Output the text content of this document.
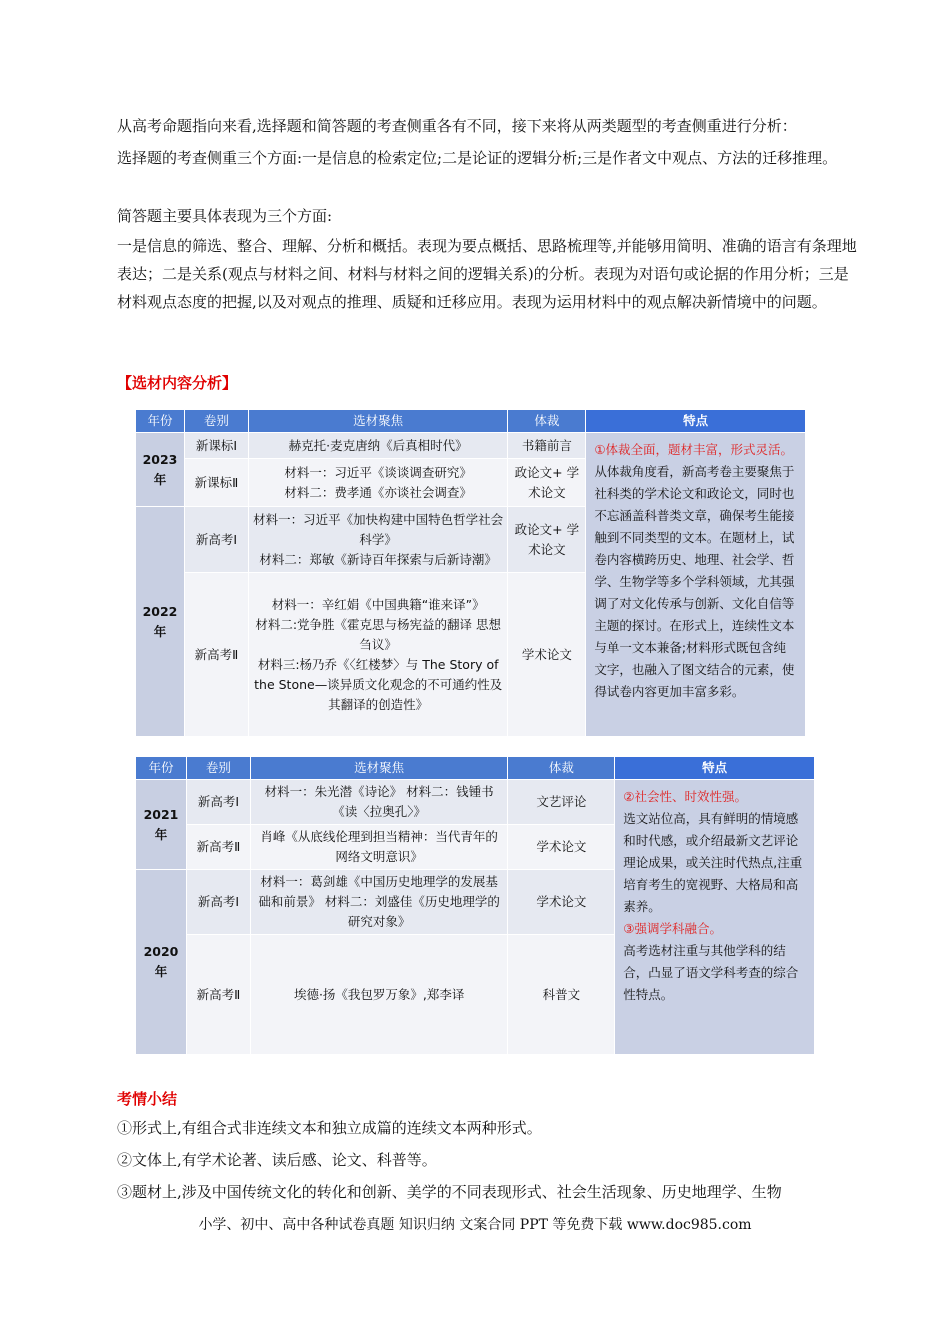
从高考命题指向来看,选择题和简答题的考查侧重各有不同，接下来将从两类题型的考查侧重进行分析：

选择题的考查侧重三个方面:一是信息的检索定位;二是论证的逻辑分析;三是作者文中观点、方法的迁移推理。

简答题主要具体表现为三个方面:

一是信息的筛选、整合、理解、分析和概括。表现为要点概括、思路梳理等,并能够用简明、准确的语言有条理地表达；二是关系(观点与材料之间、材料与材料之间的逻辑关系)的分析。表现为对语句或论据的作用分析；三是材料观点态度的把握,以及对观点的推理、质疑和迁移应用。表现为运用材料中的观点解决新情境中的问题。

【选材内容分析】
年份	卷别	选材聚焦	体裁	特点
2023年	新课标Ⅰ	赫克托·麦克唐纳《后真相时代》	书籍前言	①体裁全面，题材丰富，形式灵活。从体裁角度看，新高考卷主要聚焦于社科类的学术论文和政论文，同时也不忘涵盖科普类文章，确保考生能接触到不同类型的文本。在题材上，试卷内容横跨历史、地理、社会学、哲学、生物学等多个学科领域，尤其强调了对文化传承与创新、文化自信等主题的探讨。在形式上，连续性文本与单一文本兼备;材料形式既包含纯文字，也融入了图文结合的元素，使得试卷内容更加丰富多彩。
	新课标Ⅱ	材料一：习近平《谈谈调查研究》
材料二：费孝通《亦谈社会调查》	政论文+ 学术论文	
2022年	新高考Ⅰ	材料一：习近平《加快构建中国特色哲学社会科学》
材料二：郑敏《新诗百年探索与后新诗潮》	政论文+ 学术论文	
	新高考Ⅱ	材料一：辛红娟《中国典籍“谁来译”》
材料二:党争胜《霍克思与杨宪益的翻译 思想刍议》
材料三:杨乃乔《〈红楼梦〉与 The Story of the Stone—谈异质文化观念的不可通约性及其翻译的创造性》	学术论文	
年份	卷别	选材聚焦	体裁	特点
2021年	新高考Ⅰ	材料一：朱光潜《诗论》 材料二：钱锺书《读〈拉奥孔〉》	文艺评论	②社会性、时效性强。
选文站位高，具有鲜明的情境感和时代感，或介绍最新文艺评论理论成果，或关注时代热点,注重培育考生的宽视野、大格局和高素养。
③强调学科融合。
高考选材注重与其他学科的结合，凸显了语文学科考查的综合性特点。

	新高考Ⅱ	肖峰《从底线伦理到担当精神：当代青年的网络文明意识》	学术论文	
2020年	新高考Ⅰ	材料一：葛剑雄《中国历史地理学的发展基础和前景》 材料二：刘盛佳《历史地理学的研究对象》	学术论文	
	新高考Ⅱ	埃德·扬《我包罗万象》,郑李译	科普文	
考情小结

①形式上,有组合式非连续文本和独立成篇的连续文本两种形式。

②文体上,有学术论著、读后感、论文、科普等。

③题材上,涉及中国传统文化的转化和创新、美学的不同表现形式、社会生活现象、历史地理学、生物

小学、初中、高中各种试卷真题 知识归纳 文案合同 PPT 等免费下载 www.doc985.com
